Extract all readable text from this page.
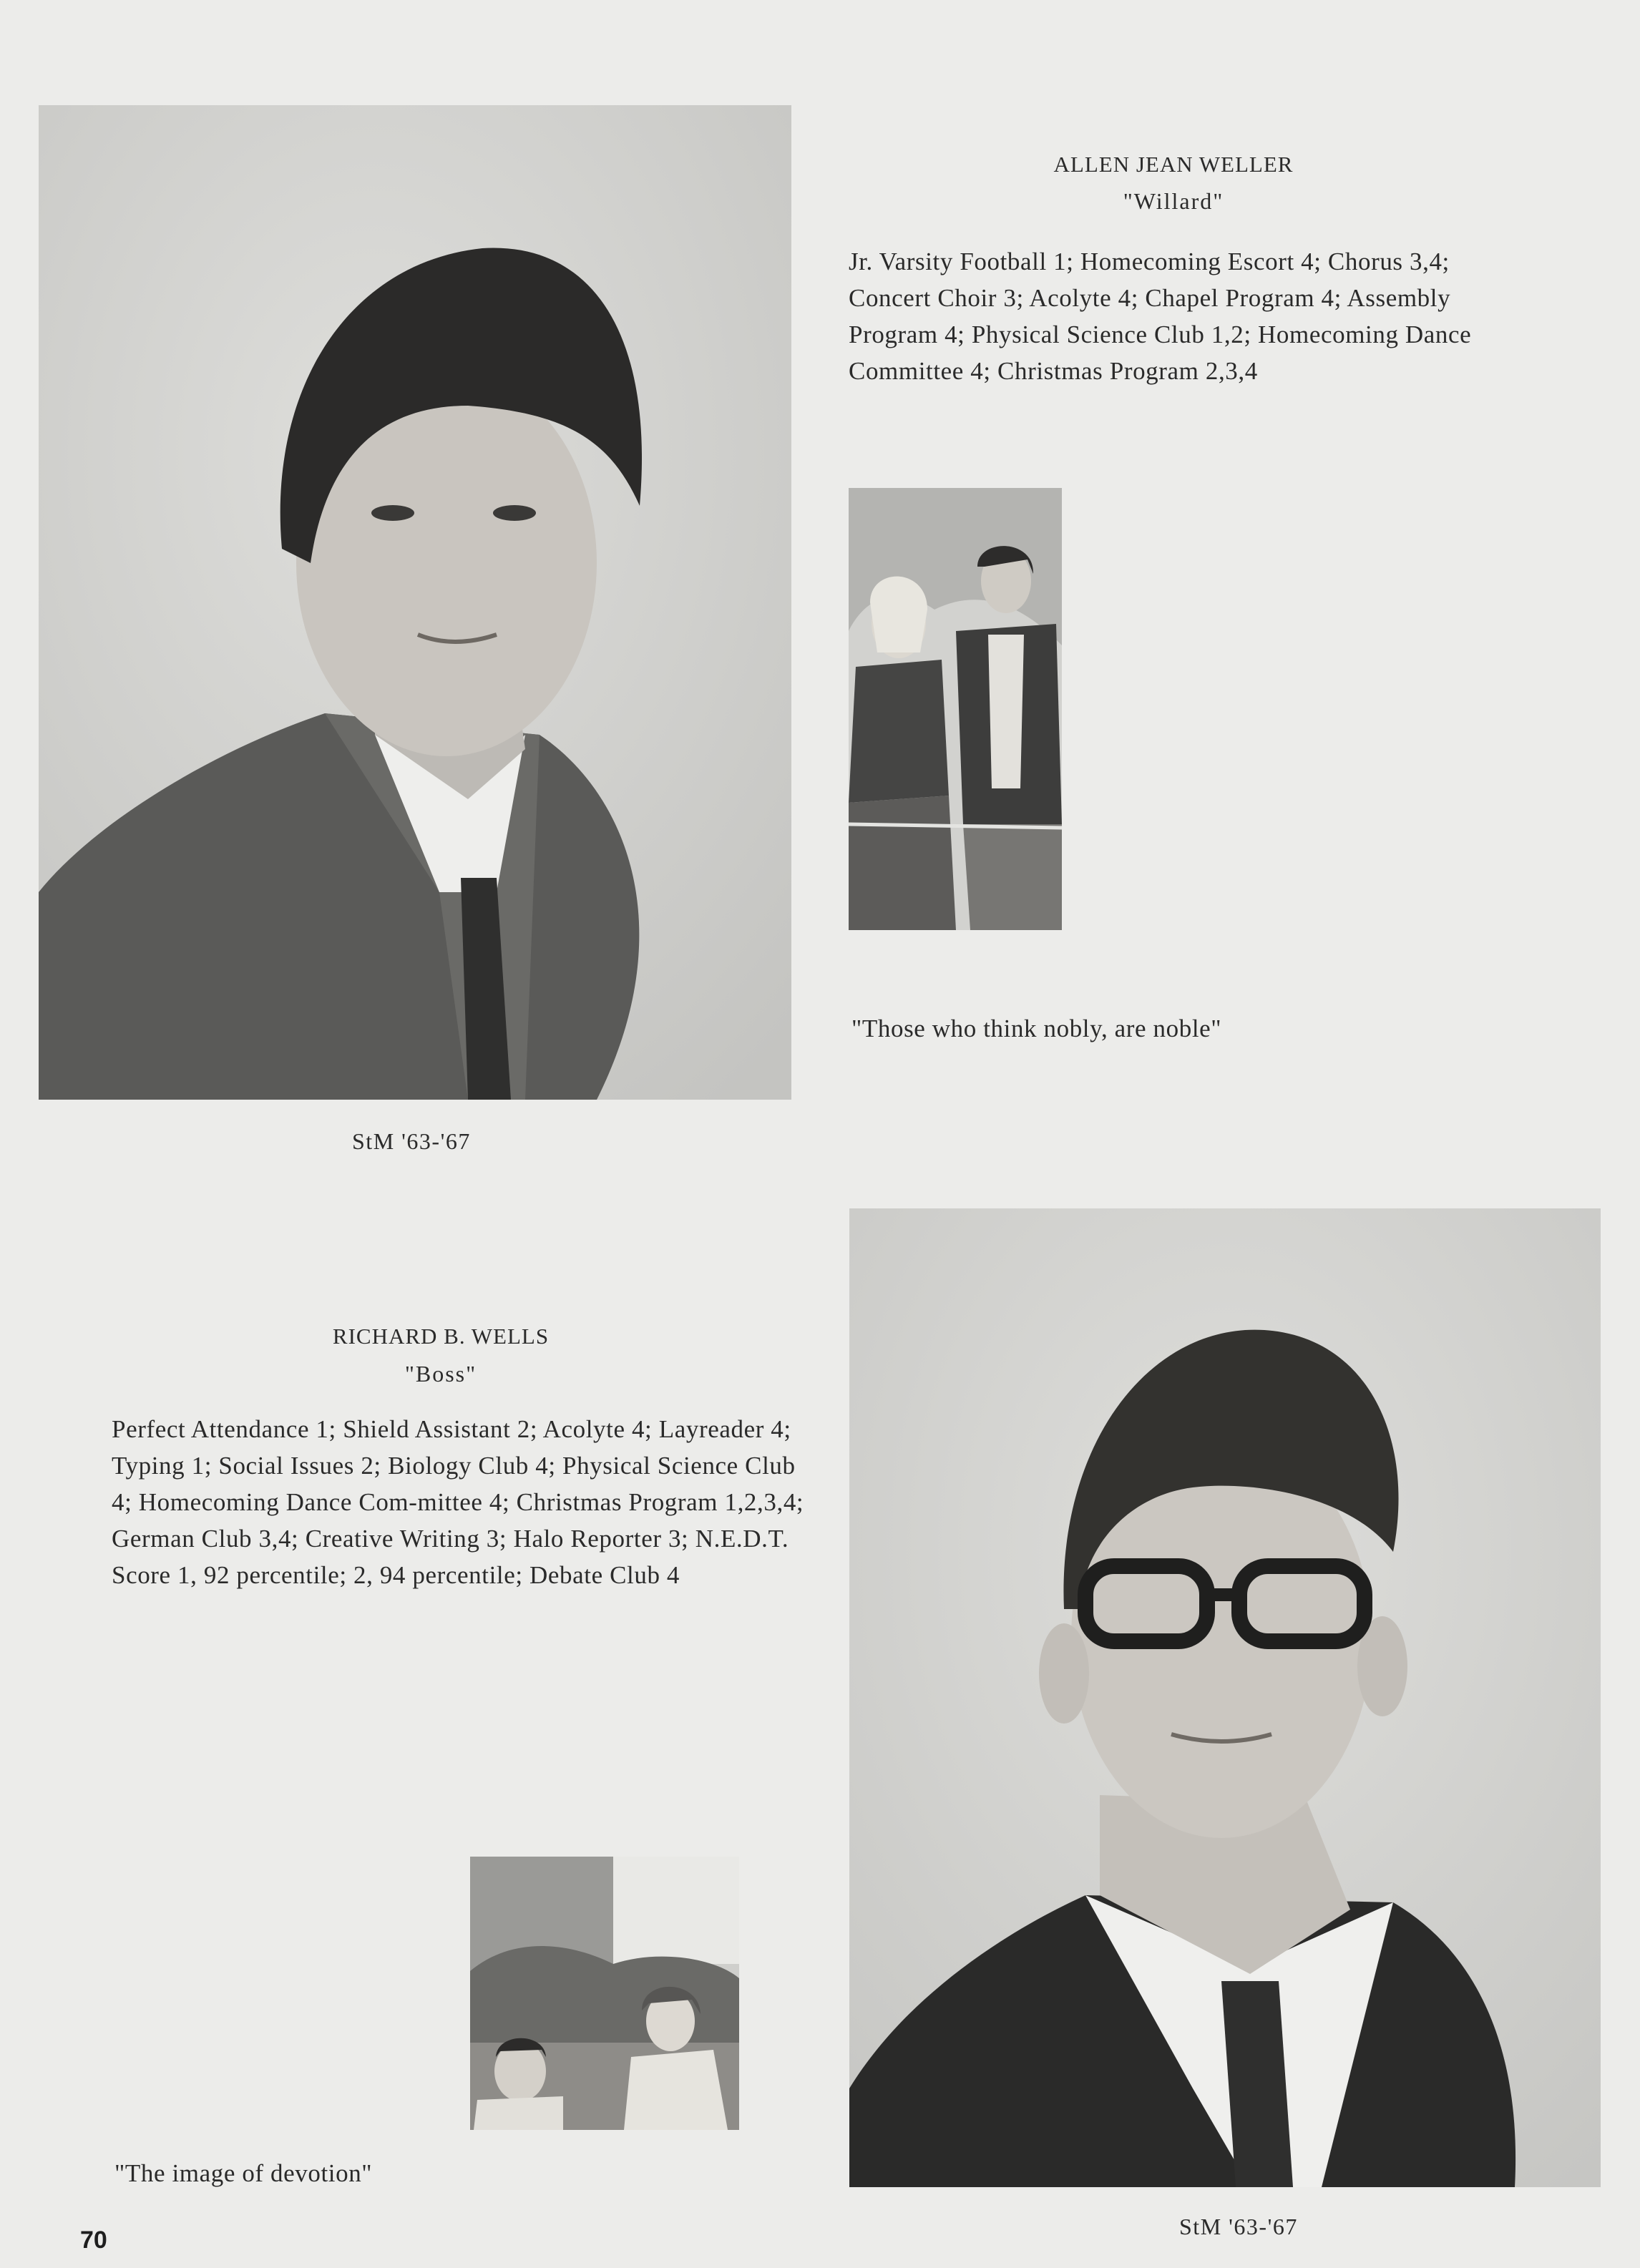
ALLEN JEAN WELLER
"Willard"
Jr. Varsity Football 1; Homecoming Escort 4; Chorus 3,4; Concert Choir 3; Acolyte 4; Chapel Program 4; Assembly Program 4; Physical Science Club 1,2; Homecoming Dance Committee 4; Christmas Program 2,3,4
"Those who think nobly, are noble"
StM '63-'67
RICHARD B. WELLS
"Boss"
Perfect Attendance 1; Shield Assistant 2; Acolyte 4; Layreader 4; Typing 1; Social Issues 2; Biology Club 4; Physical Science Club 4; Homecoming Dance Com-mittee 4; Christmas Program 1,2,3,4; German Club 3,4; Creative Writing 3; Halo Reporter 3; N.E.D.T. Score 1, 92 percentile; 2, 94 percentile; Debate Club 4
"The image of devotion"
StM '63-'67
70
